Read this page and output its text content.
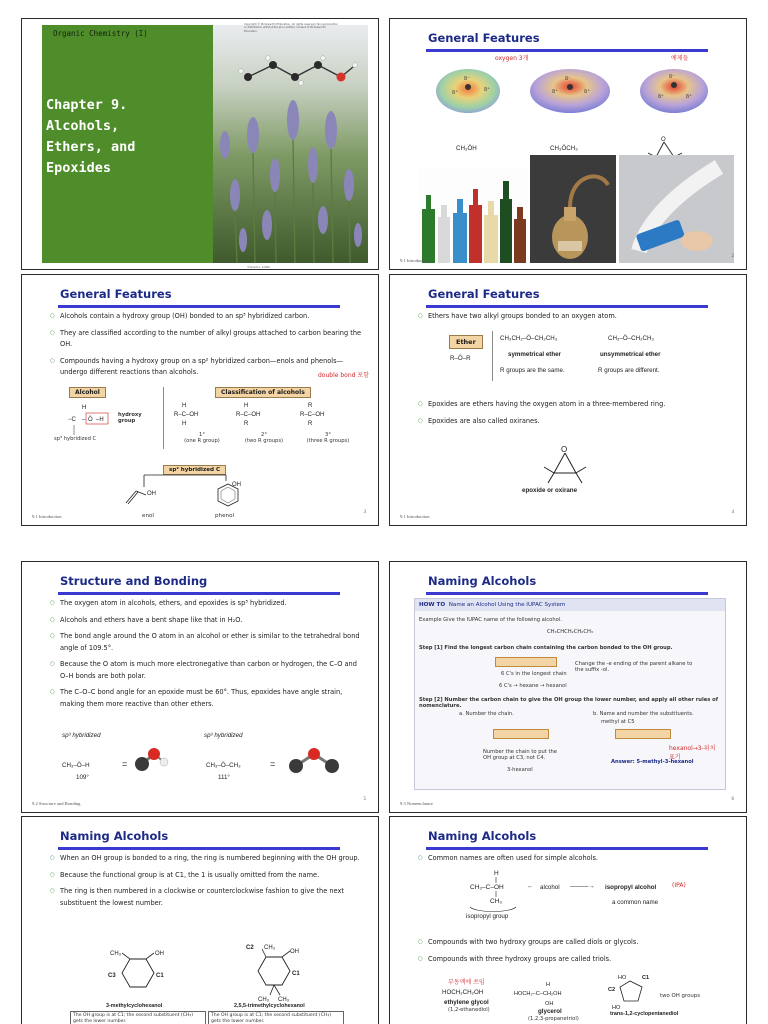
Organic Chemistry (I)
Chapter 9.
Alcohols,
Ethers, and
Epoxides
Copyright © McGraw-Hill Education. All rights reserved. No reproduction or distribution without the prior written consent of McGraw-Hill Education.
©Grant L. Smith
General Features
δ⁻
δ⁺	δ⁺
δ⁻
δ⁺	δ⁺
δ⁻
δ⁺	δ⁺
oxygen 3개	예제들
CH₃ÖH	CH₃ÖCH₃
O
9.1 Introduction
2
General Features
○ Alcohols contain a hydroxy group (OH) bonded to an sp³ hybridized carbon.
○ They are classified according to the number of alkyl groups attached to carbon bearing the OH.
○ Compounds having a hydroxy group on a sp² hybridized carbon—enols and phenols—undergo different reactions than alcohols.	double bond 포함
Alcohol
H
−C – Ö –H
hydroxy group
sp³ hybridized C
Classification of alcohols
H
R–C–OH
H
H
R–C–OH
R
R
R–C–OH
R
1°
(one R group)
2°
(two R groups)
3°
(three R groups)
sp² hybridized C
OH
OH
enol	phenol
9.1 Introduction
3
General Features
○ Ethers have two alkyl groups bonded to an oxygen atom.
Ether
R–Ö–R
CH₃CH₂–Ö–CH₂CH₃	CH₃–Ö–CH₂CH₃
symmetrical ether	unsymmetrical ether
R groups are the same.	R groups are different.
○ Epoxides are ethers having the oxygen atom in a three-membered ring.
○ Epoxides are also called oxiranes.
O
epoxide or oxirane
9.1 Introduction
4
Structure and Bonding
○ The oxygen atom in alcohols, ethers, and epoxides is sp³ hybridized.
○ Alcohols and ethers have a bent shape like that in H₂O.
○ The bond angle around the O atom in an alcohol or ether is similar to the tetrahedral bond angle of 109.5°.
○ Because the O atom is much more electronegative than carbon or hydrogen, the C–O and O–H bonds are both polar.
○ The C–O–C bond angle for an epoxide must be 60°. Thus, epoxides have angle strain, making them more reactive than other ethers.
sp³ hybridized	sp³ hybridized
CH₃–Ö–H	CH₃–Ö–CH₃
109°	111°
=	=
9.2 Structure and Bonding
5
Naming Alcohols
HOW TO Name an Alcohol Using the IUPAC System
Example Give the IUPAC name of the following alcohol.
CH₃CHCH₂CH₂CH₃
Step [1] Find the longest carbon chain containing the carbon bonded to the OH group.
6 C's in the longest chain
6 C's → hexane → hexanol
Change the -e ending of the parent alkane to the suffix -ol.
Step [2] Number the carbon chain to give the OH group the lower number, and apply all other rules of nomenclature.
a. Number the chain.	b. Name and number the substituents.
Number the chain to put the OH group at C3, not C4.
3-hexanol
methyl at C5
Answer: 5-methyl-3-hexanol
hexanol→3-위치 표기
9.3 Nomenclature
6
Naming Alcohols
○ When an OH group is bonded to a ring, the ring is numbered beginning with the OH group.
○ Because the functional group is at C1, the 1 is usually omitted from the name.
○ The ring is then numbered in a clockwise or counterclockwise fashion to give the next substituent the lowest number.
CH₃	OH
C3	C1
C2 CH₃
OH
C1
CH₃ CH₃
3-methylcyclohexanol	2,5,5-trimethylcyclohexanol
The OH group is at C1; the second substituent (CH₃) gets the lower number.
The OH group is at C1; the second substituent (CH₃) gets the lower number.
Naming Alcohols
○ Common names are often used for simple alcohols.
H
CH₃–C–OH
CH₃
alcohol
←	———→ isopropyl alcohol	(IPA)
a common name
isopropyl group
○ Compounds with two hydroxy groups are called diols or glycols.
○ Compounds with three hydroxy groups are called triols.
부동액에 쓰임
HOCH₂CH₂OH
ethylene glycol
(1,2-ethanediol)
H
HOCH₂–C–CH₂OH
OH
glycerol
(1,2,3-propanetriol)
HO	C1
C2
HO
two OH groups
trans-1,2-cyclopentanediol
